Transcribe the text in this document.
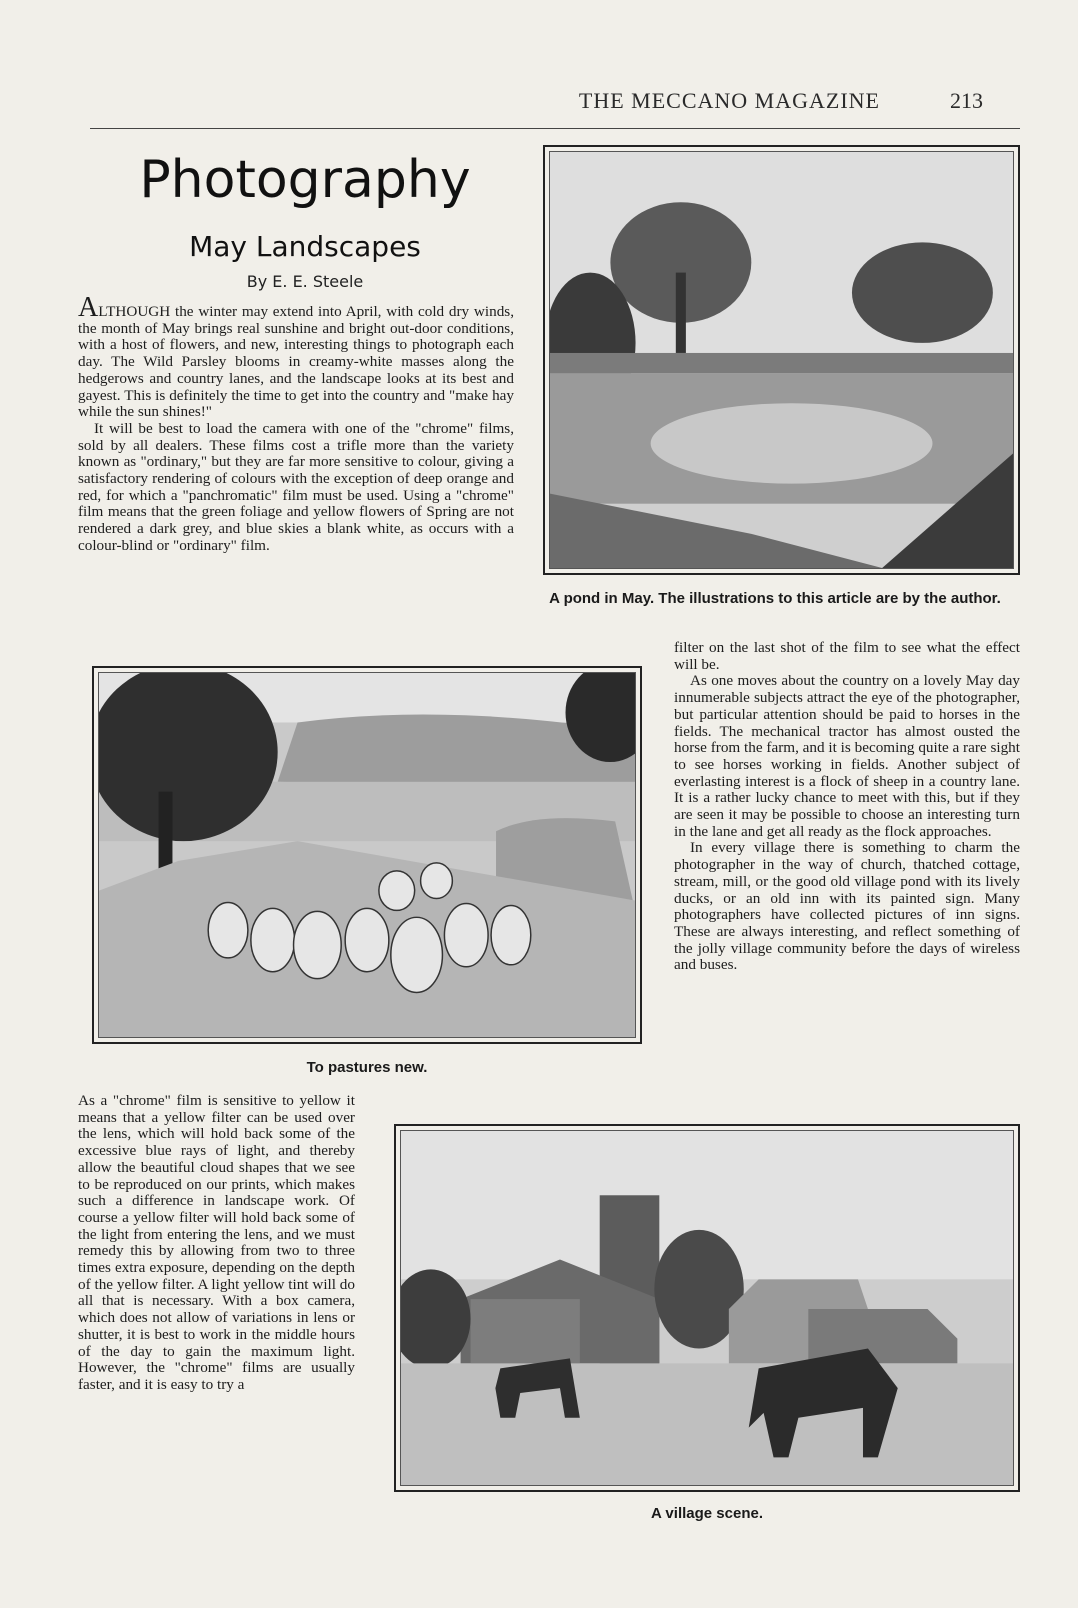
THE MECCANO MAGAZINE	213
Photography
May Landscapes
By E. E. Steele

ALTHOUGH the winter may extend into April, with cold dry winds, the month of May brings real sunshine and bright out-door conditions, with a host of flowers, and new, interesting things to photograph each day. The Wild Parsley blooms in creamy-white masses along the hedgerows and country lanes, and the landscape looks at its best and gayest. This is definitely the time to get into the country and "make hay while the sun shines!"

It will be best to load the camera with one of the "chrome" films, sold by all dealers. These films cost a trifle more than the variety known as "ordinary," but they are far more sensitive to colour, giving a satisfactory rendering of colours with the exception of deep orange and red, for which a "panchromatic" film must be used. Using a "chrome" film means that the green foliage and yellow flowers of Spring are not rendered a dark grey, and blue skies a blank white, as occurs with a colour-blind or "ordinary" film.

A pond in May. The illustrations to this article are by the author.
To pastures new.

filter on the last shot of the film to see what the effect will be.

As one moves about the country on a lovely May day innumerable subjects attract the eye of the photographer, but particular attention should be paid to horses in the fields. The mechanical tractor has almost ousted the horse from the farm, and it is becoming quite a rare sight to see horses working in fields. Another subject of everlasting interest is a flock of sheep in a country lane. It is a rather lucky chance to meet with this, but if they are seen it may be possible to choose an interesting turn in the lane and get all ready as the flock approaches.

In every village there is something to charm the photographer in the way of church, thatched cottage, stream, mill, or the good old village pond with its lively ducks, or an old inn with its painted sign. Many photographers have collected pictures of inn signs. These are always interesting, and reflect something of the jolly village community before the days of wireless and buses.

As a "chrome" film is sensitive to yellow it means that a yellow filter can be used over the lens, which will hold back some of the excessive blue rays of light, and thereby allow the beautiful cloud shapes that we see to be reproduced on our prints, which makes such a difference in landscape work. Of course a yellow filter will hold back some of the light from entering the lens, and we must remedy this by allowing from two to three times extra exposure, depending on the depth of the yellow filter. A light yellow tint will do all that is necessary. With a box camera, which does not allow of variations in lens or shutter, it is best to work in the middle hours of the day to gain the maximum light. However, the "chrome" films are usually faster, and it is easy to try a

A village scene.
